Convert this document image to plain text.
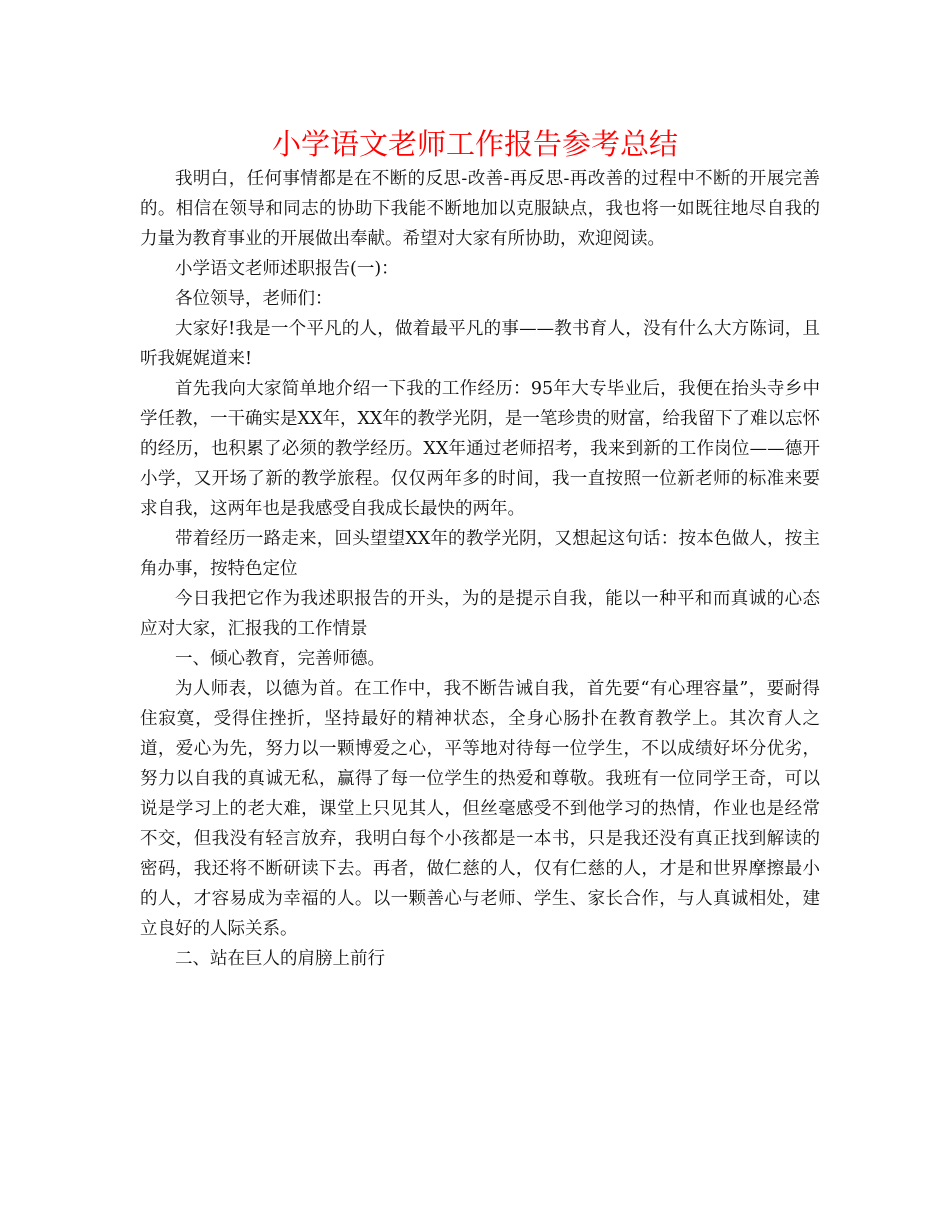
小学语文老师工作报告参考总结

我明白，任何事情都是在不断的反思-改善-再反思-再改善的过程中不断的开展完善的。相信在领导和同志的协助下我能不断地加以克服缺点，我也将一如既往地尽自我的力量为教育事业的开展做出奉献。希望对大家有所协助，欢迎阅读。

小学语文老师述职报告(一)：

各位领导，老师们：

大家好!我是一个平凡的人，做着最平凡的事——教书育人，没有什么大方陈词，且听我娓娓道来!

首先我向大家简单地介绍一下我的工作经历：95年大专毕业后，我便在抬头寺乡中学任教，一干确实是XX年，XX年的教学光阴，是一笔珍贵的财富，给我留下了难以忘怀的经历，也积累了必须的教学经历。XX年通过老师招考，我来到新的工作岗位——德开小学，又开场了新的教学旅程。仅仅两年多的时间，我一直按照一位新老师的标准来要求自我，这两年也是我感受自我成长最快的两年。

带着经历一路走来，回头望望XX年的教学光阴，又想起这句话：按本色做人，按主角办事，按特色定位

今日我把它作为我述职报告的开头，为的是提示自我，能以一种平和而真诚的心态应对大家，汇报我的工作情景

一、倾心教育，完善师德。

为人师表，以德为首。在工作中，我不断告诫自我，首先要“有心理容量”，要耐得住寂寞，受得住挫折，坚持最好的精神状态，全身心肠扑在教育教学上。其次育人之道，爱心为先，努力以一颗博爱之心，平等地对待每一位学生，不以成绩好坏分优劣，努力以自我的真诚无私，赢得了每一位学生的热爱和尊敬。我班有一位同学王奇，可以说是学习上的老大难，课堂上只见其人，但丝毫感受不到他学习的热情，作业也是经常不交，但我没有轻言放弃，我明白每个小孩都是一本书，只是我还没有真正找到解读的密码，我还将不断研读下去。再者，做仁慈的人，仅有仁慈的人，才是和世界摩擦最小的人，才容易成为幸福的人。以一颗善心与老师、学生、家长合作，与人真诚相处，建立良好的人际关系。

二、站在巨人的肩膀上前行
